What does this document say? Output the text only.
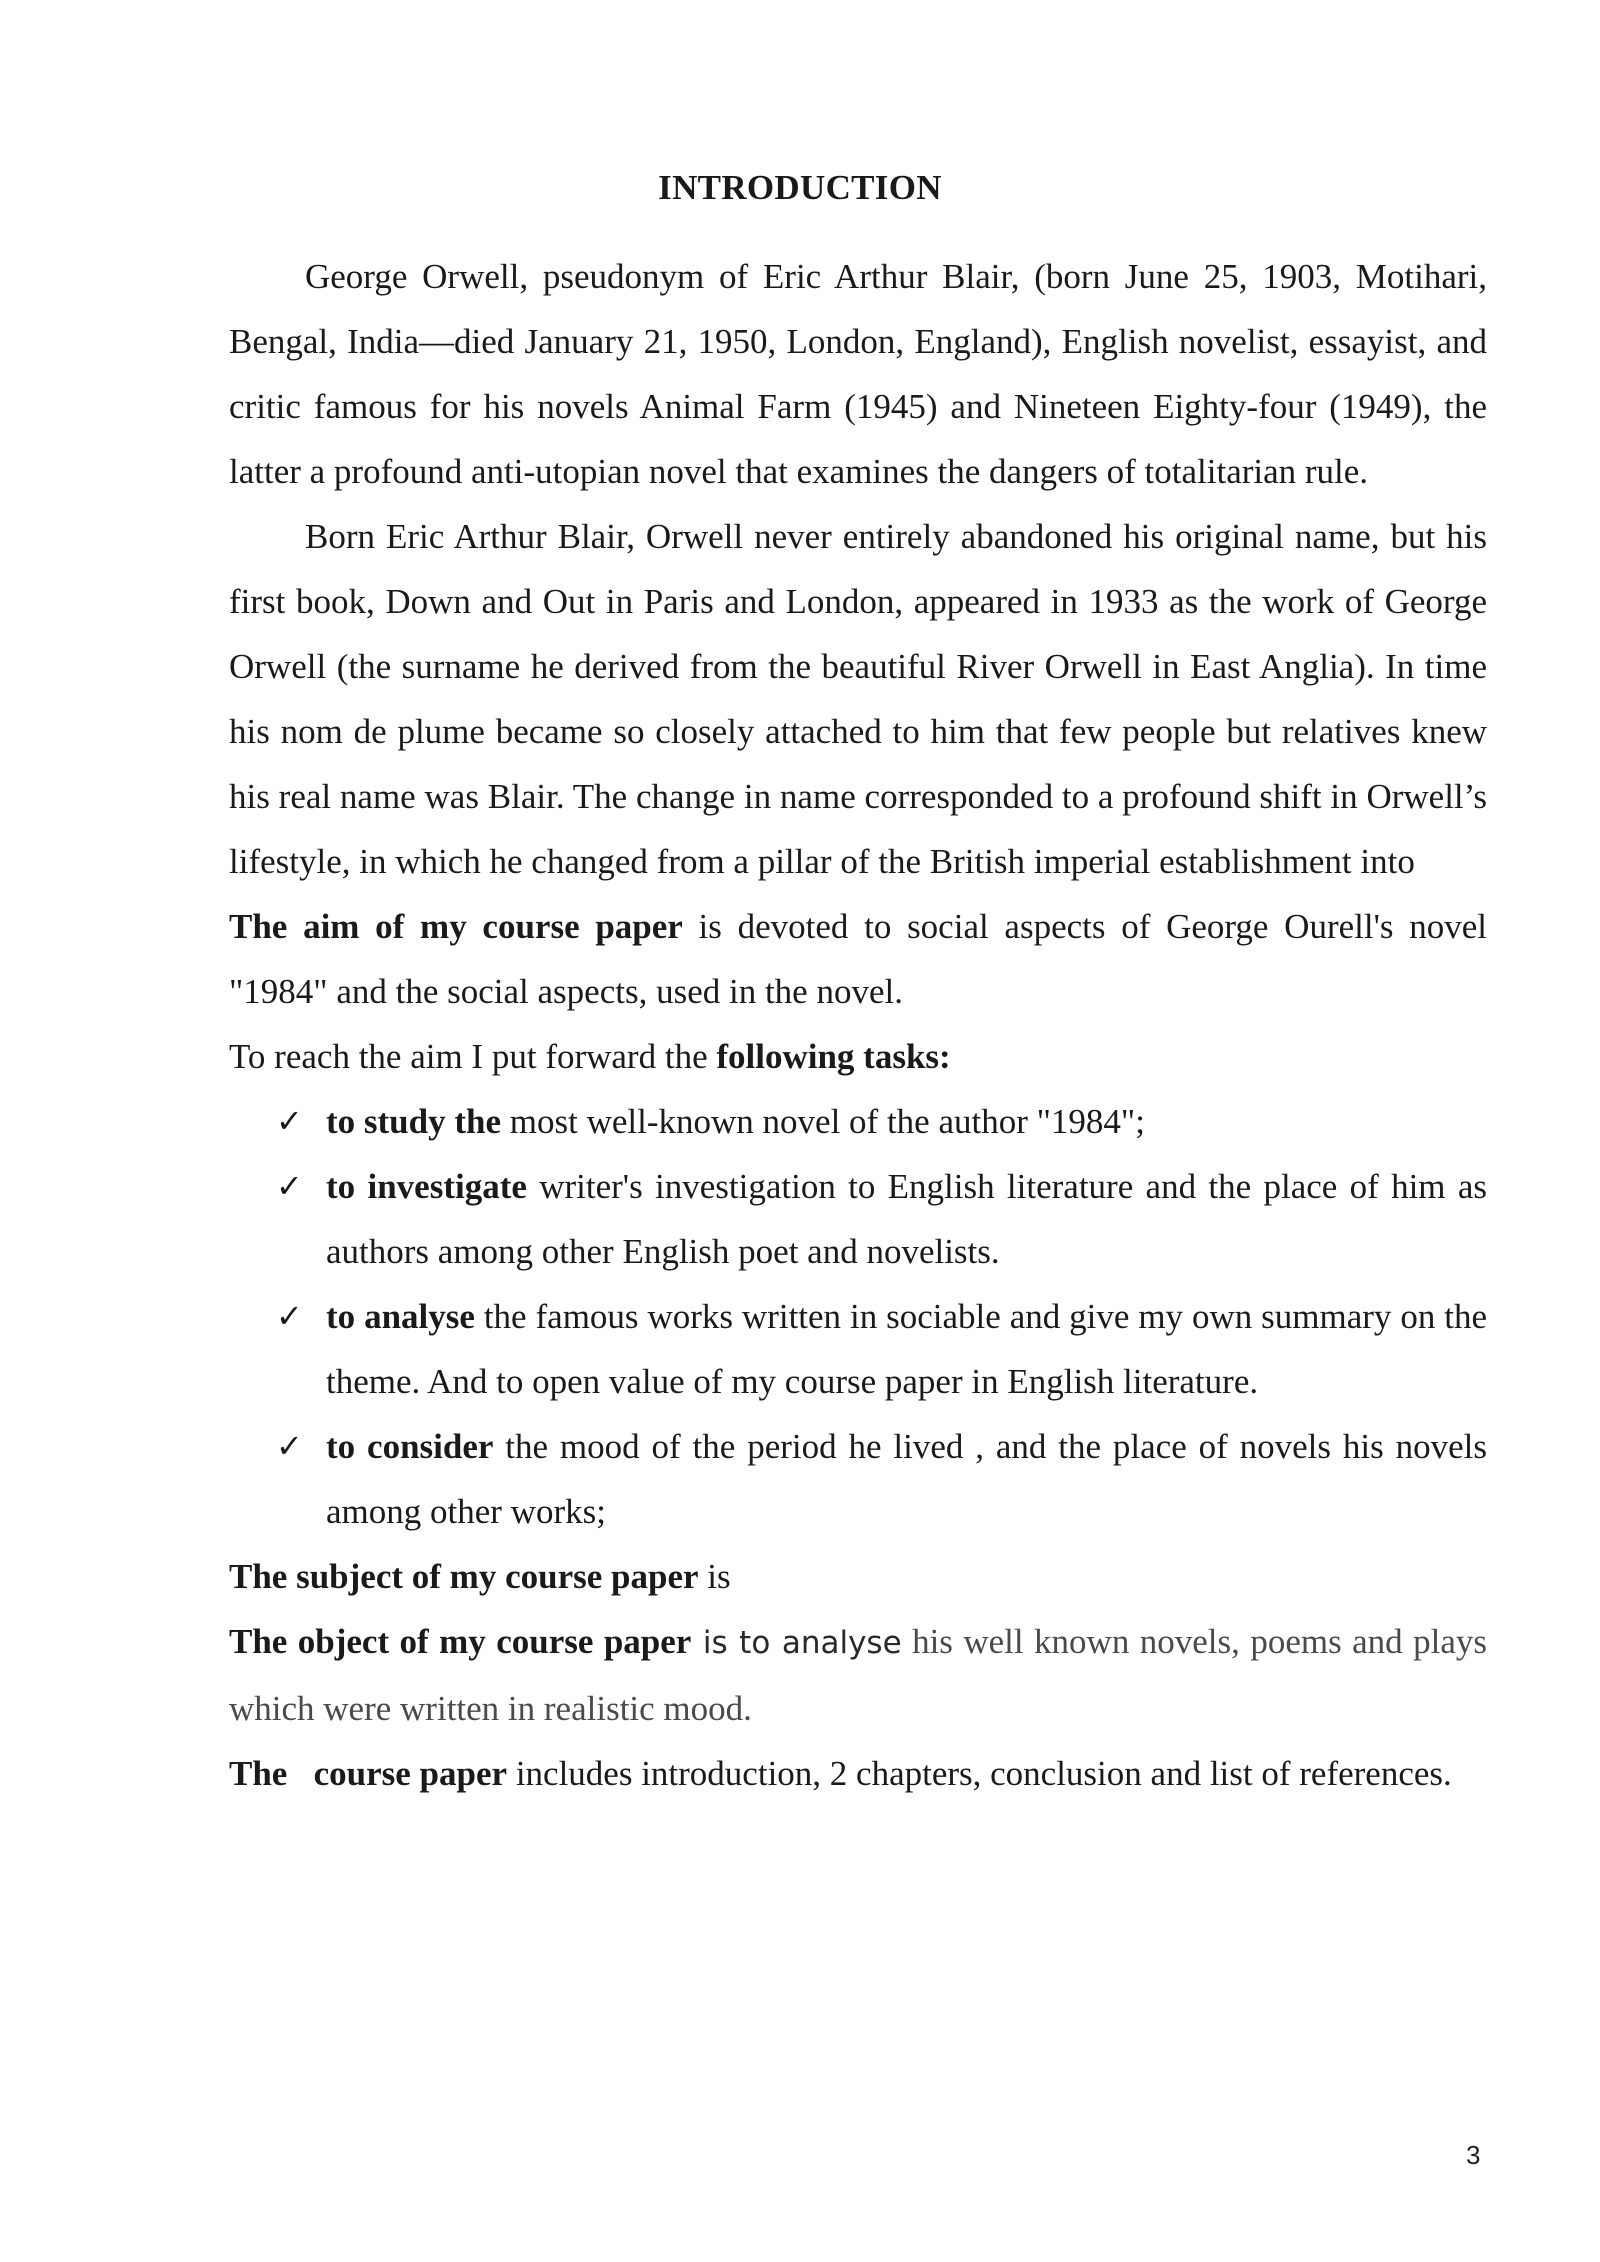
INTRODUCTION

George Orwell, pseudonym of Eric Arthur Blair, (born June 25, 1903, Motihari, Bengal, India—died January 21, 1950, London, England), English novelist, essayist, and critic famous for his novels Animal Farm (1945) and Nineteen Eighty-four (1949), the latter a profound anti-utopian novel that examines the dangers of totalitarian rule.

Born Eric Arthur Blair, Orwell never entirely abandoned his original name, but his first book, Down and Out in Paris and London, appeared in 1933 as the work of George Orwell (the surname he derived from the beautiful River Orwell in East Anglia). In time his nom de plume became so closely attached to him that few people but relatives knew his real name was Blair. The change in name corresponded to a profound shift in Orwell’s lifestyle, in which he changed from a pillar of the British imperial establishment into

The aim of my course paper is devoted to social aspects of George Ourell's novel "1984" and the social aspects, used in the novel.

To reach the aim I put forward the following tasks:

✓ to study the most well-known novel of the author "1984";
✓ to investigate writer's investigation to English literature and the place of him as authors among other English poet and novelists.
✓ to analyse the famous works written in sociable and give my own summary on the theme. And to open value of my course paper in English literature.
✓ to consider the mood of the period he lived , and the place of novels his novels among other works;

The subject of my course paper is

The object of my course paper is to analyse his well known novels, poems and plays which were written in realistic mood.

The course paper includes introduction, 2 chapters, conclusion and list of references.

3
